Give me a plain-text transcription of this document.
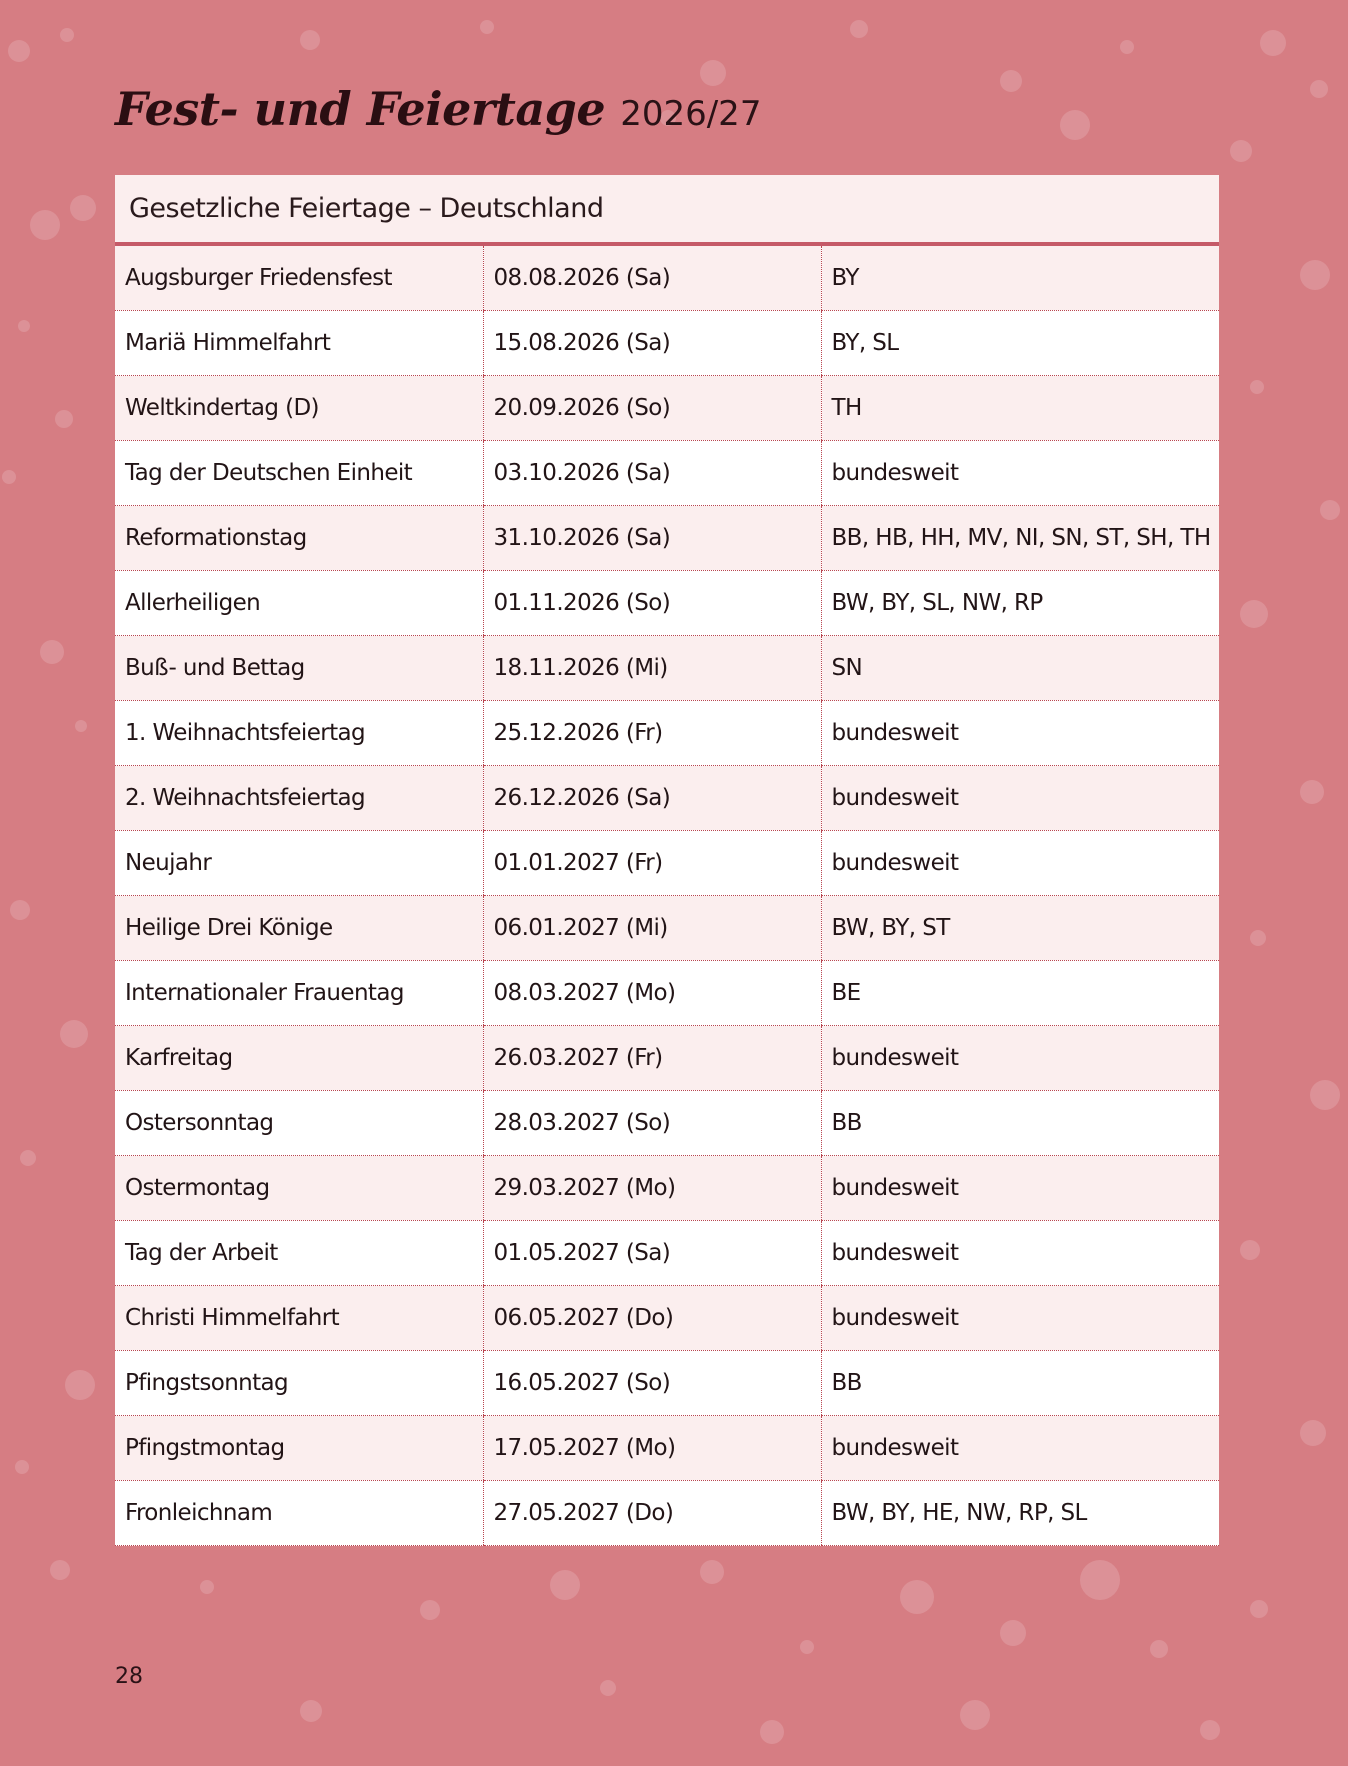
Fest- und Feiertage 2026/27
Gesetzliche Feiertage – Deutschland
Augsburger Friedensfest	08.08.2026 (Sa)	BY
Mariä Himmelfahrt	15.08.2026 (Sa)	BY, SL
Weltkindertag (D)	20.09.2026 (So)	TH
Tag der Deutschen Einheit	03.10.2026 (Sa)	bundesweit
Reformationstag	31.10.2026 (Sa)	BB, HB, HH, MV, NI, SN, ST, SH, TH
Allerheiligen	01.11.2026 (So)	BW, BY, SL, NW, RP
Buß- und Bettag	18.11.2026 (Mi)	SN
1. Weihnachtsfeiertag	25.12.2026 (Fr)	bundesweit
2. Weihnachtsfeiertag	26.12.2026 (Sa)	bundesweit
Neujahr	01.01.2027 (Fr)	bundesweit
Heilige Drei Könige	06.01.2027 (Mi)	BW, BY, ST
Internationaler Frauentag	08.03.2027 (Mo)	BE
Karfreitag	26.03.2027 (Fr)	bundesweit
Ostersonntag	28.03.2027 (So)	BB
Ostermontag	29.03.2027 (Mo)	bundesweit
Tag der Arbeit	01.05.2027 (Sa)	bundesweit
Christi Himmelfahrt	06.05.2027 (Do)	bundesweit
Pfingstsonntag	16.05.2027 (So)	BB
Pfingstmontag	17.05.2027 (Mo)	bundesweit
Fronleichnam	27.05.2027 (Do)	BW, BY, HE, NW, RP, SL
28
